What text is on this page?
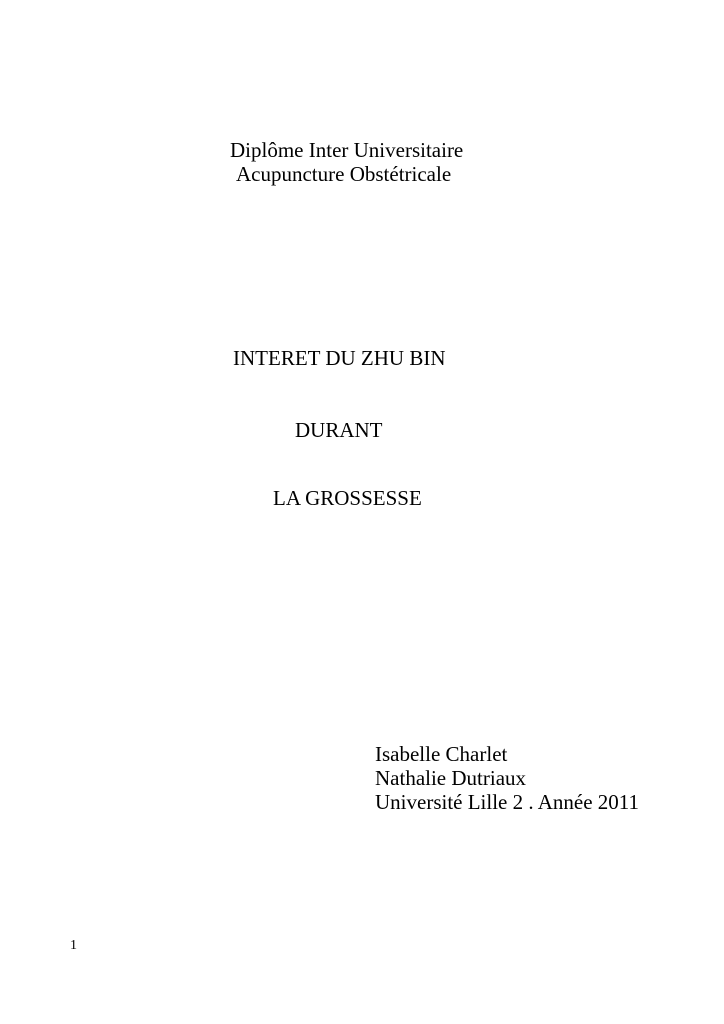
Diplôme Inter Universitaire
Acupuncture Obstétricale
INTERET DU ZHU BIN
DURANT
LA GROSSESSE
Isabelle Charlet
Nathalie Dutriaux
Université Lille 2 . Année 2011
1
